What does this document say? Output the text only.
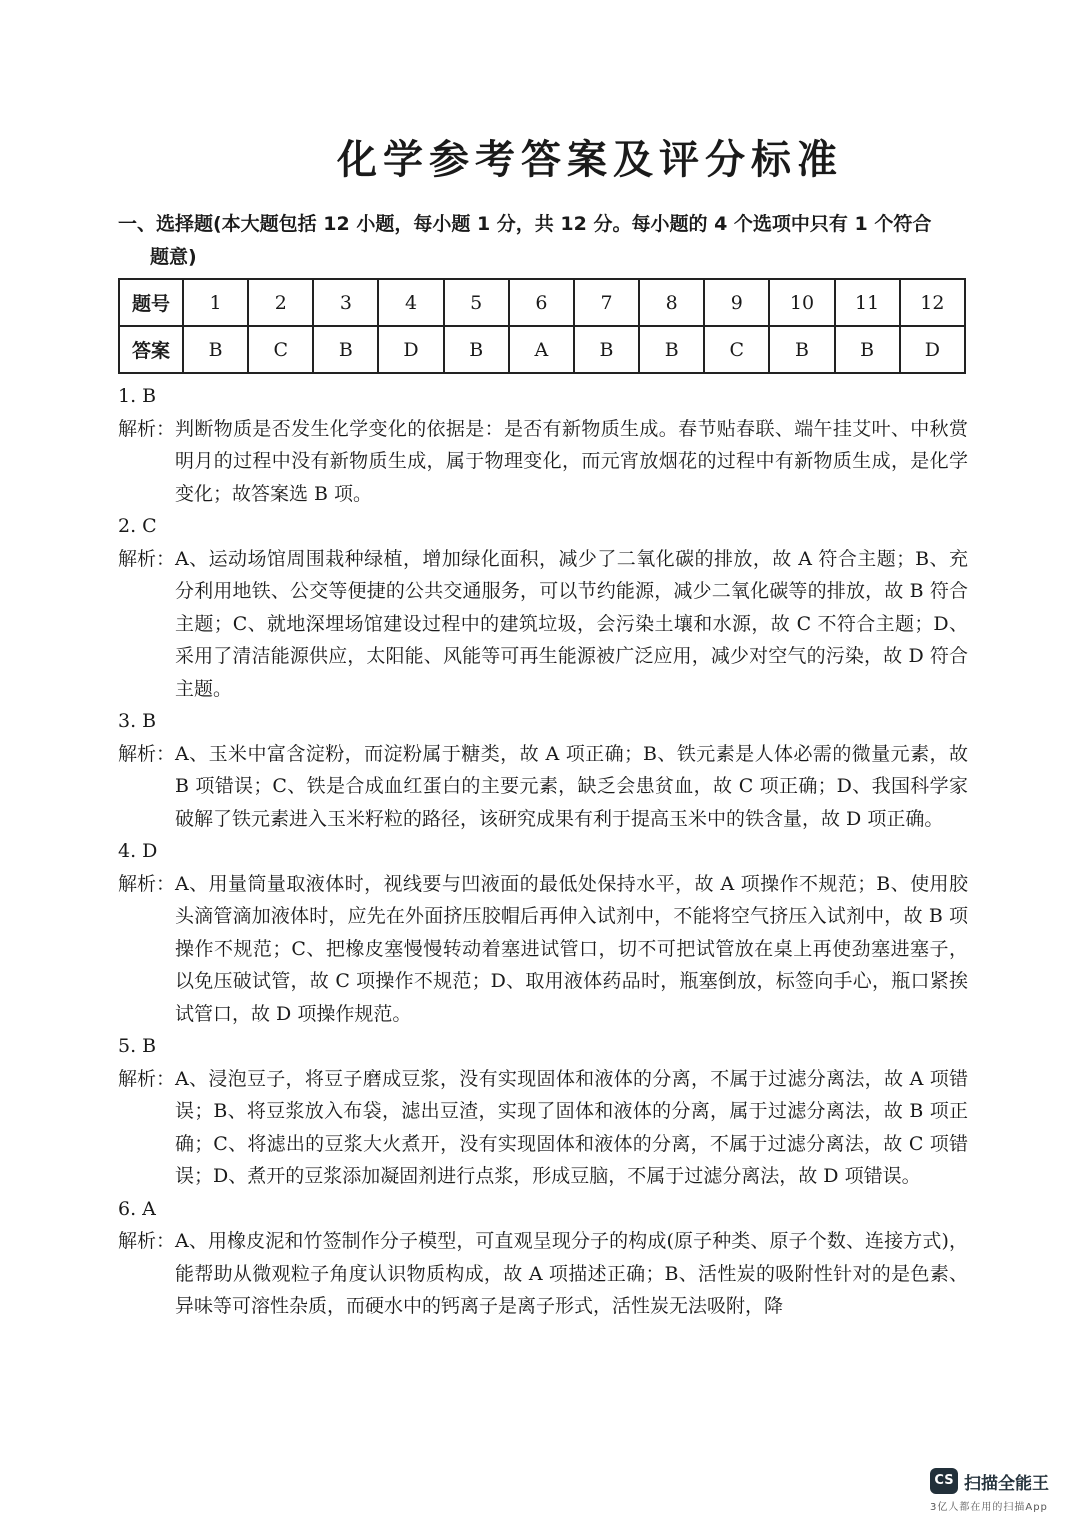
化学参考答案及评分标准
一、选择题(本大题包括 12 小题，每小题 1 分，共 12 分。每小题的 4 个选项中只有 1 个符合
题意)
题号	1	2	3	4	5	6	7	8	9	10	11	12
答案	B	C	B	D	B	A	B	B	C	B	B	D
1. B
解析： 判断物质是否发生化学变化的依据是：是否有新物质生成。春节贴春联、端午挂艾叶、中秋赏明月的过程中没有新物质生成，属于物理变化，而元宵放烟花的过程中有新物质生成，是化学变化；故答案选 B 项。
2. C
解析： A、运动场馆周围栽种绿植，增加绿化面积，减少了二氧化碳的排放，故 A 符合主题；B、充分利用地铁、公交等便捷的公共交通服务，可以节约能源，减少二氧化碳等的排放，故 B 符合主题；C、就地深埋场馆建设过程中的建筑垃圾，会污染土壤和水源，故 C 不符合主题；D、采用了清洁能源供应，太阳能、风能等可再生能源被广泛应用，减少对空气的污染，故 D 符合主题。
3. B
解析： A、玉米中富含淀粉，而淀粉属于糖类，故 A 项正确；B、铁元素是人体必需的微量元素，故 B 项错误；C、铁是合成血红蛋白的主要元素，缺乏会患贫血，故 C 项正确；D、我国科学家破解了铁元素进入玉米籽粒的路径，该研究成果有利于提高玉米中的铁含量，故 D 项正确。
4. D
解析： A、用量筒量取液体时，视线要与凹液面的最低处保持水平，故 A 项操作不规范；B、使用胶头滴管滴加液体时，应先在外面挤压胶帽后再伸入试剂中，不能将空气挤压入试剂中，故 B 项操作不规范；C、把橡皮塞慢慢转动着塞进试管口，切不可把试管放在桌上再使劲塞进塞子，以免压破试管，故 C 项操作不规范；D、取用液体药品时，瓶塞倒放，标签向手心，瓶口紧挨试管口，故 D 项操作规范。
5. B
解析： A、浸泡豆子，将豆子磨成豆浆，没有实现固体和液体的分离，不属于过滤分离法，故 A 项错误；B、将豆浆放入布袋，滤出豆渣，实现了固体和液体的分离，属于过滤分离法，故 B 项正确；C、将滤出的豆浆大火煮开，没有实现固体和液体的分离，不属于过滤分离法，故 C 项错误；D、煮开的豆浆添加凝固剂进行点浆，形成豆脑，不属于过滤分离法，故 D 项错误。
6. A
解析： A、用橡皮泥和竹签制作分子模型，可直观呈现分子的构成(原子种类、原子个数、连接方式)，能帮助从微观粒子角度认识物质构成，故 A 项描述正确；B、活性炭的吸附性针对的是色素、异味等可溶性杂质，而硬水中的钙离子是离子形式，活性炭无法吸附，降
CS 扫描全能王
3亿人都在用的扫描App
